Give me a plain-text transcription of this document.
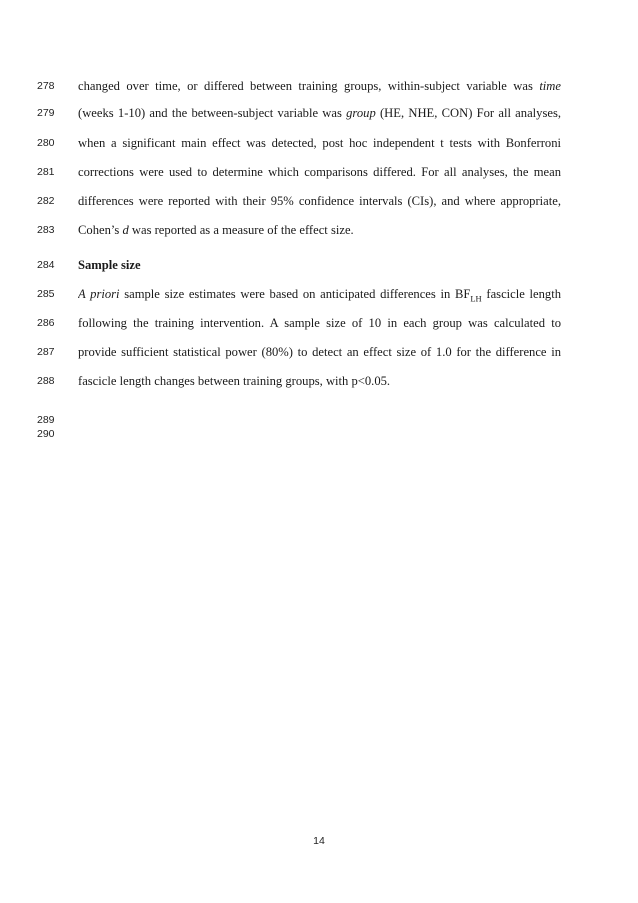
278	changed over time, or differed between training groups, within-subject variable was time
279	(weeks 1-10) and the between-subject variable was group (HE, NHE, CON) For all analyses,
280	when a significant main effect was detected, post hoc independent t tests with Bonferroni
281	corrections were used to determine which comparisons differed. For all analyses, the mean
282	differences were reported with their 95% confidence intervals (CIs), and where appropriate,
283	Cohen’s d was reported as a measure of the effect size.
284	Sample size
285	A priori sample size estimates were based on anticipated differences in $BF_{LH}$ fascicle length
286	following the training intervention. A sample size of 10 in each group was calculated to
287	provide sufficient statistical power (80%) to detect an effect size of 1.0 for the difference in
288	fascicle length changes between training groups, with p<0.05.
289
290
14
